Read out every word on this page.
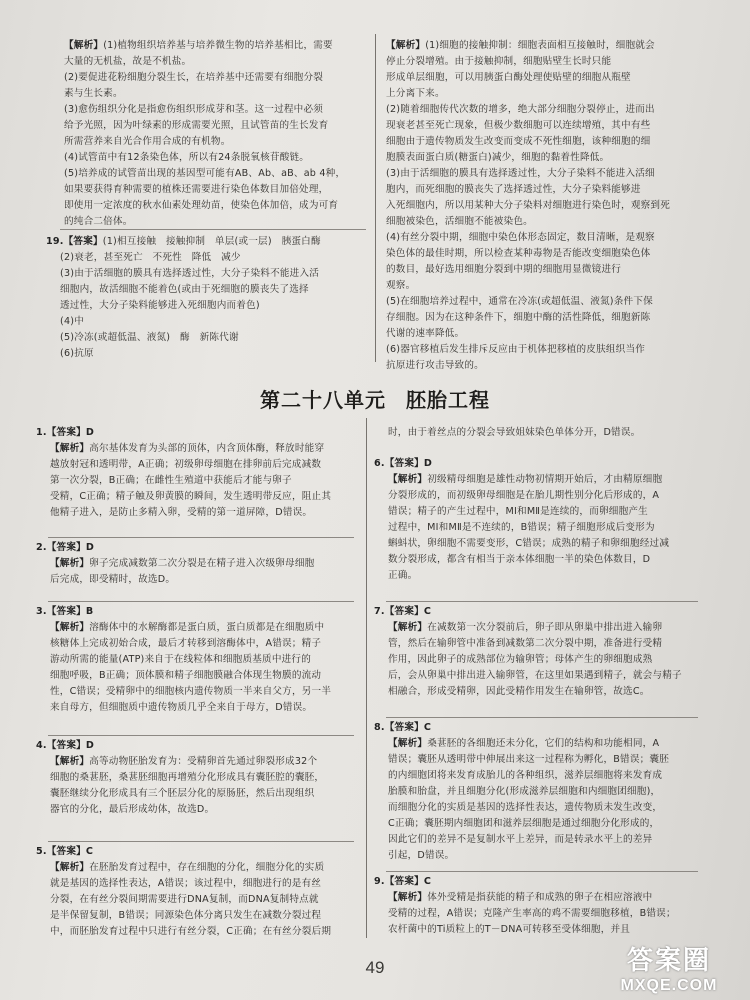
【解析】(1)植物组织培养基与培养微生物的培养基相比，需要

大量的无机盐，故是不机盐。

(2)要促进花粉细胞分裂生长，在培养基中还需要有细胞分裂

素与生长素。

(3)愈伤组织分化是指愈伤组织形成芽和茎。这一过程中必须

给予光照，因为叶绿素的形成需要光照，且试管苗的生长发育

所需营养来自光合作用合成的有机物。

(4)试管苗中有12条染色体，所以有24条脱氧核苷酸链。

(5)培养成的试管苗出现的基因型可能有AB、Ab、aB、ab 4种，

如果要获得育种需要的植株还需要进行染色体数目加倍处理，

即使用一定浓度的秋水仙素处理幼苗，使染色体加倍，成为可育

的纯合二倍体。

19.【答案】(1)相互接触　接触抑制　单层(或一层)　胰蛋白酶

(2)衰老，甚至死亡　不死性　降低　减少

(3)由于活细胞的膜具有选择透过性，大分子染料不能进入活

细胞内，故活细胞不能着色(或由于死细胞的膜丧失了选择

透过性，大分子染料能够进入死细胞内而着色)

(4)中

(5)冷冻(或超低温、液氮)　酶　新陈代谢

(6)抗原

【解析】(1)细胞的接触抑制：细胞表面相互接触时，细胞就会

停止分裂增殖。由于接触抑制，细胞贴壁生长时只能

形成单层细胞，可以用胰蛋白酶处理使贴壁的细胞从瓶壁

上分离下来。

(2)随着细胞传代次数的增多，绝大部分细胞分裂停止，进而出

现衰老甚至死亡现象，但极少数细胞可以连续增殖，其中有些

细胞由于遗传物质发生改变而变成不死性细胞，该种细胞的细

胞膜表面蛋白质(糖蛋白)减少，细胞的黏着性降低。

(3)由于活细胞的膜具有选择透过性，大分子染料不能进入活细

胞内，而死细胞的膜丧失了选择透过性，大分子染料能够进

入死细胞内，所以用某种大分子染料对细胞进行染色时，观察到死

细胞被染色，活细胞不能被染色。

(4)有丝分裂中期，细胞中染色体形态固定，数目清晰，是观察

染色体的最佳时期，所以检查某种毒物是否能改变细胞染色体

的数目，最好选用细胞分裂到中期的细胞用显微镜进行

观察。

(5)在细胞培养过程中，通常在冷冻(或超低温、液氮)条件下保

存细胞。因为在这种条件下，细胞中酶的活性降低，细胞新陈

代谢的速率降低。

(6)器官移植后发生排斥反应由于机体把移植的皮肤组织当作

抗原进行攻击导致的。

第二十八单元 胚胎工程

1.【答案】D

【解析】高尔基体发育为头部的顶体，内含顶体酶，释放时能穿

越放射冠和透明带，A正确；初级卵母细胞在排卵前后完成减数

第一次分裂，B正确；在雌性生殖道中获能后才能与卵子

受精，C正确；精子触及卵黄膜的瞬间，发生透明带反应，阻止其

他精子进入，是防止多精入卵，受精的第一道屏障，D错误。

2.【答案】D

【解析】卵子完成减数第二次分裂是在精子进入次级卵母细胞

后完成，即受精时，故选D。

3.【答案】B

【解析】溶酶体中的水解酶都是蛋白质，蛋白质都是在细胞质中

核糖体上完成初始合成，最后才转移到溶酶体中，A错误；精子

游动所需的能量(ATP)来自于在线粒体和细胞质基质中进行的

细胞呼吸，B正确；顶体膜和精子细胞膜融合体现生物膜的流动

性，C错误；受精卵中的细胞核内遗传物质一半来自父方，另一半

来自母方，但细胞质中遗传物质几乎全来自于母方，D错误。

4.【答案】D

【解析】高等动物胚胎发育为：受精卵首先通过卵裂形成32个

细胞的桑葚胚，桑葚胚细胞再增殖分化形成具有囊胚腔的囊胚，

囊胚继续分化形成具有三个胚层分化的原肠胚，然后出现组织

器官的分化，最后形成幼体，故选D。

5.【答案】C

【解析】在胚胎发育过程中，存在细胞的分化，细胞分化的实质

就是基因的选择性表达，A错误；该过程中，细胞进行的是有丝

分裂，在有丝分裂间期需要进行DNA复制，而DNA复制特点就

是半保留复制，B错误；同源染色体分离只发生在减数分裂过程

中，而胚胎发育过程中只进行有丝分裂，C正确；在有丝分裂后期

时，由于着丝点的分裂会导致姐妹染色单体分开，D错误。

6.【答案】D

【解析】初级精母细胞是雄性动物初情期开始后，才由精原细胞

分裂形成的，而初级卵母细胞是在胎儿期性别分化后形成的，A

错误；精子的产生过程中，MⅠ和MⅡ是连续的，而卵细胞产生

过程中，MⅠ和MⅡ是不连续的，B错误；精子细胞形成后变形为

蝌蚪状，卵细胞不需要变形，C错误；成熟的精子和卵细胞经过减

数分裂形成，都含有相当于亲本体细胞一半的染色体数目，D

正确。

7.【答案】C

【解析】在减数第一次分裂前后，卵子即从卵巢中排出进入输卵

管，然后在输卵管中准备到减数第二次分裂中期，准备进行受精

作用，因此卵子的成熟部位为输卵管；母体产生的卵细胞成熟

后，会从卵巢中排出进入输卵管，在这里如果遇到精子，就会与精子

相融合，形成受精卵，因此受精作用发生在输卵管，故选C。

8.【答案】C

【解析】桑葚胚的各细胞还未分化，它们的结构和功能相同，A

错误；囊胚从透明带中伸展出来这一过程称为孵化，B错误；囊胚

的内细胞团将来发育成胎儿的各种组织，滋养层细胞将来发育成

胎膜和胎盘，并且细胞分化(形成滋养层细胞和内细胞团细胞)，

而细胞分化的实质是基因的选择性表达，遗传物质未发生改变，

C正确；囊胚期内细胞团和滋养层细胞是通过细胞分化形成的，

因此它们的差异不是复制水平上差异，而是转录水平上的差异

引起，D错误。

9.【答案】C

【解析】体外受精是指获能的精子和成熟的卵子在相应溶液中

受精的过程，A错误；克隆产生率高的鸡不需要细胞移植，B错误；

农杆菌中的Ti质粒上的T－DNA可转移至受体细胞，并且

49	答案圈
MXQE.COM
